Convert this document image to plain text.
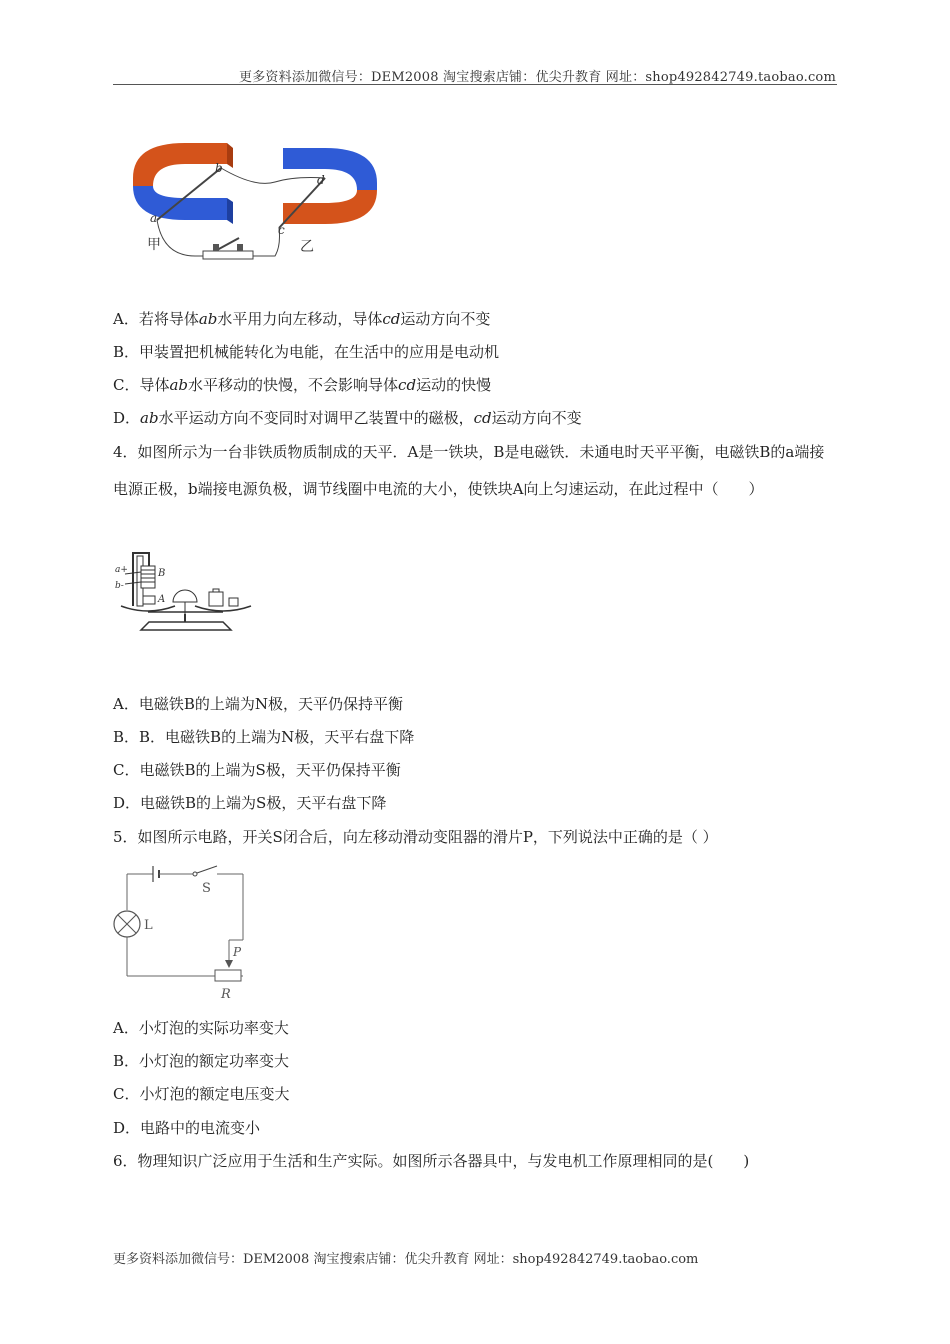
更多资料添加微信号：DEM2008 淘宝搜索店铺：优尖升教育 网址：shop492842749.taobao.com
b
a
d
c
甲	乙
A．若将导体ab水平用力向左移动，导体cd运动方向不变
B．甲装置把机械能转化为电能，在生活中的应用是电动机
C．导体ab水平移动的快慢，不会影响导体cd运动的快慢
D．ab水平运动方向不变同时对调甲乙装置中的磁极，cd运动方向不变
4．如图所示为一台非铁质物质制成的天平．A是一铁块，B是电磁铁．未通电时天平平衡，电磁铁B的a端接电源正极，b端接电源负极，调节线圈中电流的大小，使铁块A向上匀速运动，在此过程中（　　）
a+
b-
B
A
A．电磁铁B的上端为N极，天平仍保持平衡
B．B．电磁铁B的上端为N极，天平右盘下降
C．电磁铁B的上端为S极，天平仍保持平衡
D．电磁铁B的上端为S极，天平右盘下降
5．如图所示电路，开关S闭合后，向左移动滑动变阻器的滑片P，下列说法中正确的是（ ）
S
L
P
R
A．小灯泡的实际功率变大
B．小灯泡的额定功率变大
C．小灯泡的额定电压变大
D．电路中的电流变小
6．物理知识广泛应用于生活和生产实际。如图所示各器具中，与发电机工作原理相同的是(　　)
更多资料添加微信号：DEM2008 淘宝搜索店铺：优尖升教育 网址：shop492842749.taobao.com
